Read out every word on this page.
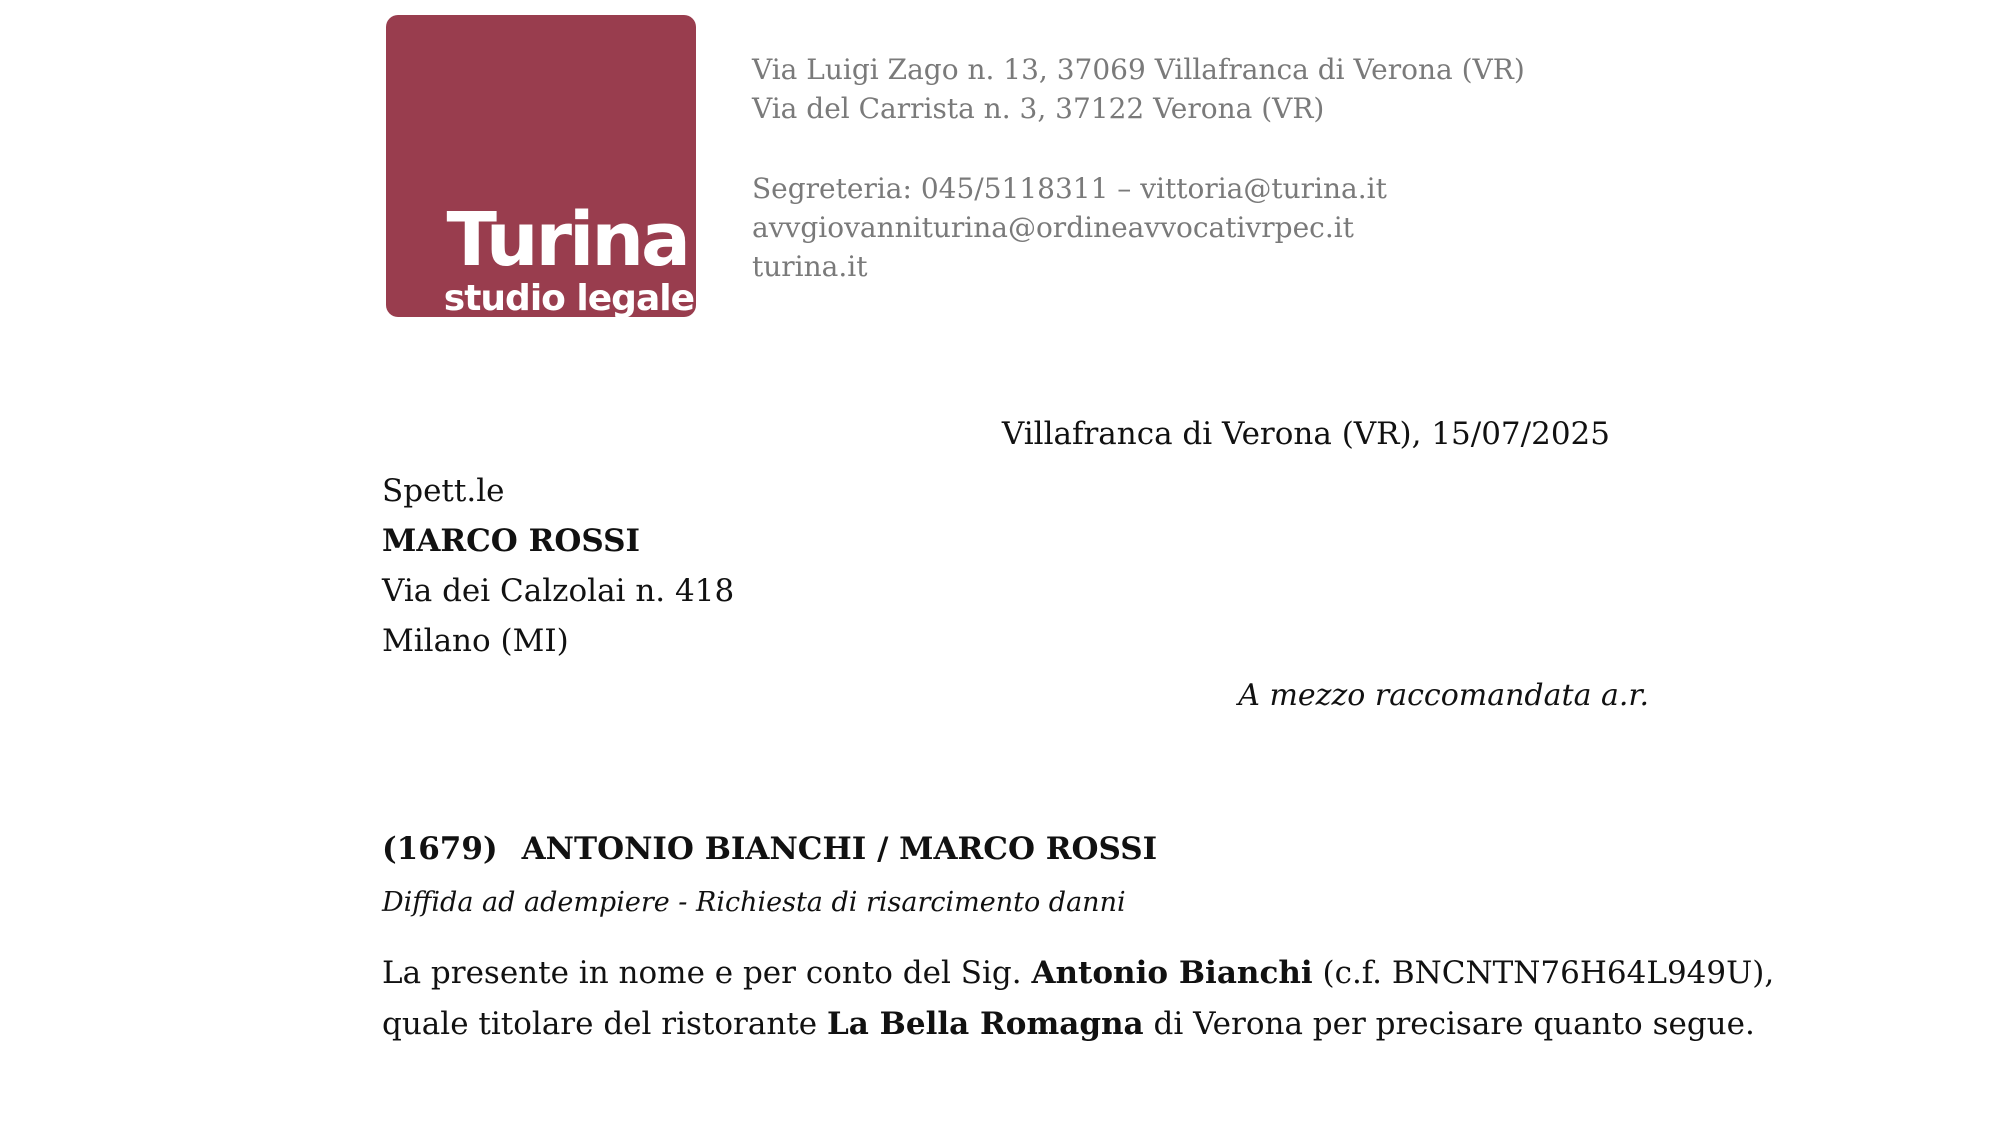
Turina
studio legale
Via Luigi Zago n. 13, 37069 Villafranca di Verona (VR)
Via del Carrista n. 3, 37122 Verona (VR)
Segreteria: 045/5118311 – vittoria@turina.it
avvgiovanniturina@ordineavvocativrpec.it
turina.it
Villafranca di Verona (VR), 15/07/2025
Spett.le
MARCO ROSSI
Via dei Calzolai n. 418
Milano (MI)
A mezzo raccomandata a.r.
(1679) ANTONIO BIANCHI / MARCO ROSSI
Diffida ad adempiere - Richiesta di risarcimento danni
La presente in nome e per conto del Sig. Antonio Bianchi (c.f. BNCNTN76H64L949U),
quale titolare del ristorante La Bella Romagna di Verona per precisare quanto segue.
